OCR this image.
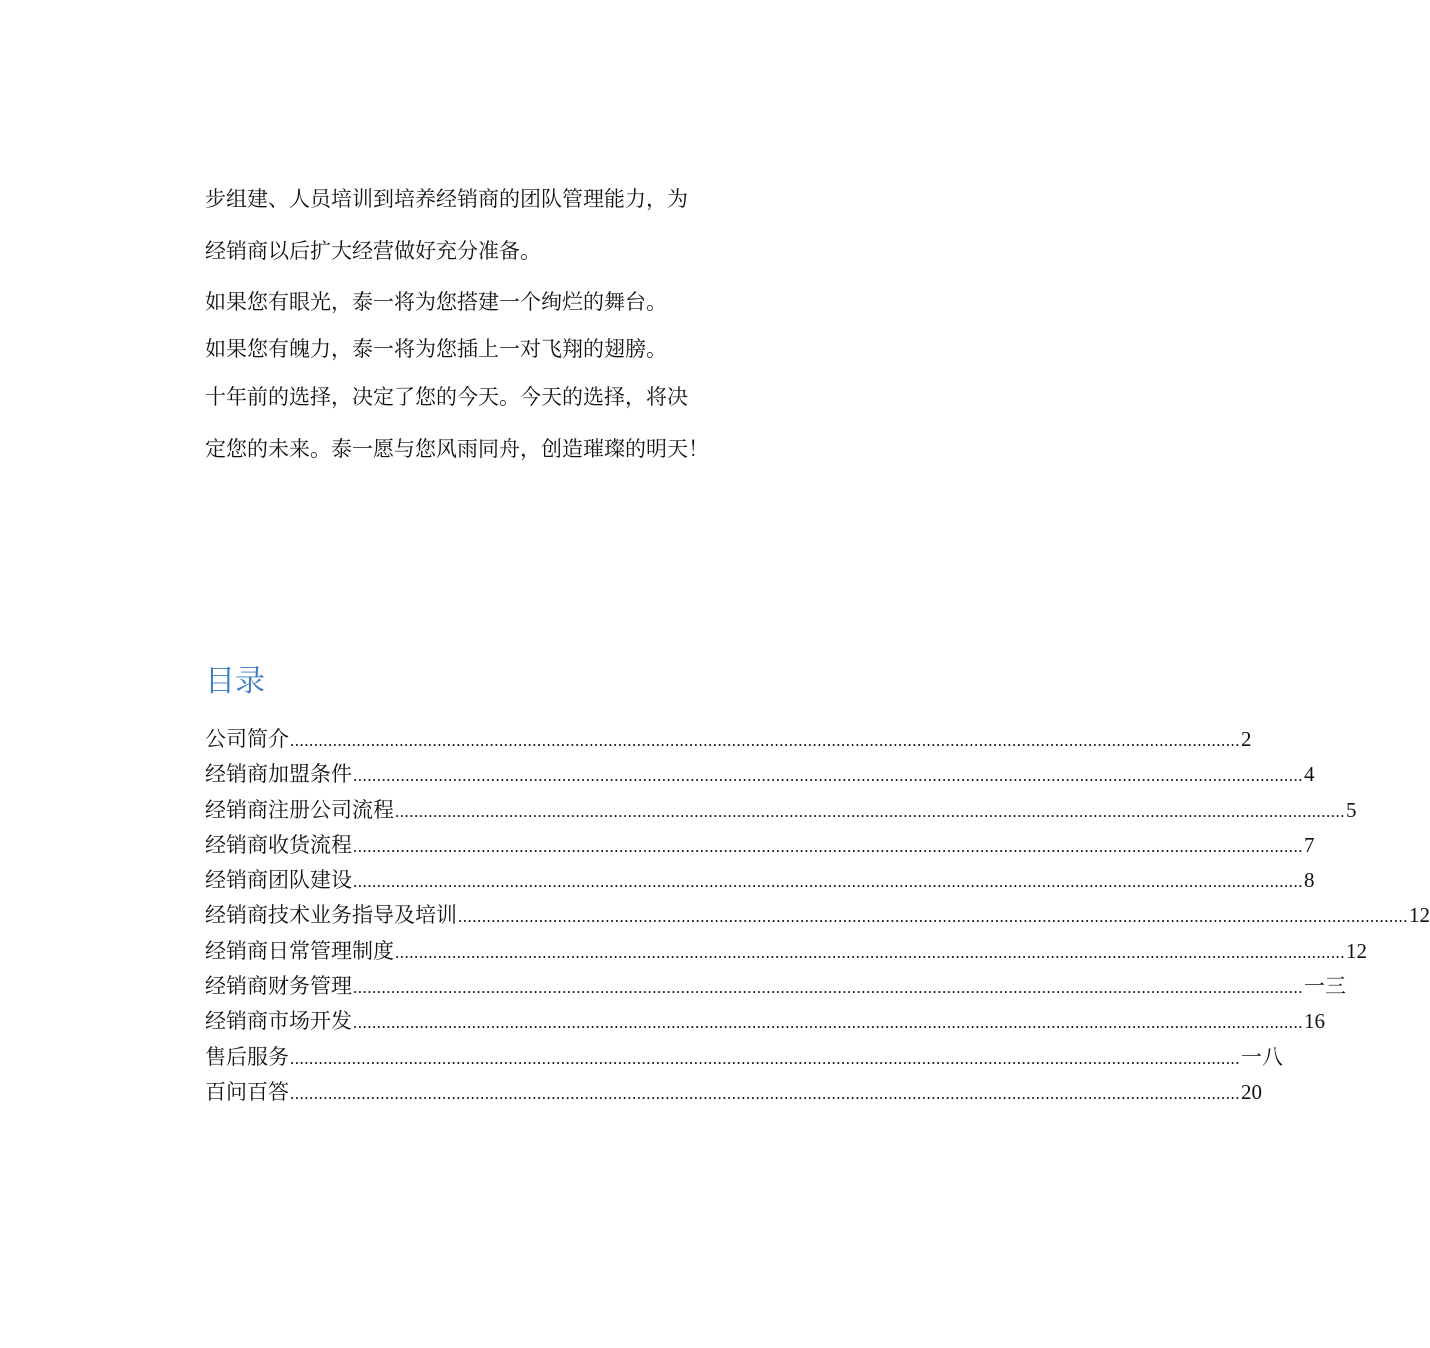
步组建、人员培训到培养经销商的团队管理能力，为
经销商以后扩大经营做好充分准备。
如果您有眼光，泰一将为您搭建一个绚烂的舞台。
如果您有魄力，泰一将为您插上一对飞翔的翅膀。
十年前的选择，决定了您的今天。今天的选择，将决
定您的未来。泰一愿与您风雨同舟，创造璀璨的明天！
目录
公司简介 ........................................................................................................................................................................................................ 2
经销商加盟条件 ........................................................................................................................................................................................................ 4
经销商注册公司流程 ........................................................................................................................................................................................................ 5
经销商收货流程 ........................................................................................................................................................................................................ 7
经销商团队建设 ........................................................................................................................................................................................................ 8
经销商技术业务指导及培训 ........................................................................................................................................................................................................ 12
经销商日常管理制度 ........................................................................................................................................................................................................ 12
经销商财务管理 ........................................................................................................................................................................................................ 一三
经销商市场开发 ........................................................................................................................................................................................................ 16
售后服务 ........................................................................................................................................................................................................ 一八
百问百答 ........................................................................................................................................................................................................ 20
